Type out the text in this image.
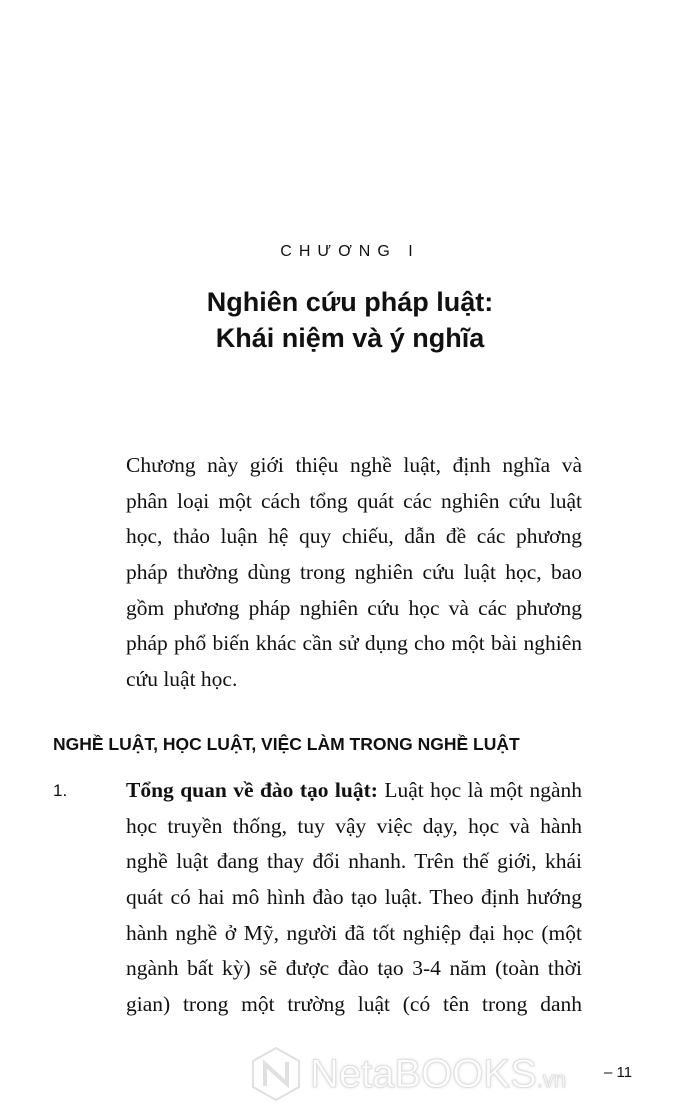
CHƯƠNG I
Nghiên cứu pháp luật:
Khái niệm và ý nghĩa
Chương này giới thiệu nghề luật, định nghĩa và
phân loại một cách tổng quát các nghiên cứu luật
học, thảo luận hệ quy chiếu, dẫn đề các phương
pháp thường dùng trong nghiên cứu luật học, bao
gồm phương pháp nghiên cứu học và các phương
pháp phổ biến khác cần sử dụng cho một bài nghiên
cứu luật học.
NGHỀ LUẬT, HỌC LUẬT, VIỆC LÀM TRONG NGHỀ LUẬT
1.	Tổng quan về đào tạo luật: Luật học là một ngành
học truyền thống, tuy vậy việc dạy, học và hành
nghề luật đang thay đổi nhanh. Trên thế giới, khái
quát có hai mô hình đào tạo luật. Theo định hướng
hành nghề ở Mỹ, người đã tốt nghiệp đại học (một
ngành bất kỳ) sẽ được đào tạo 3-4 năm (toàn thời
gian) trong một trường luật (có tên trong danh
NetaBOOKS.vn	– 11
